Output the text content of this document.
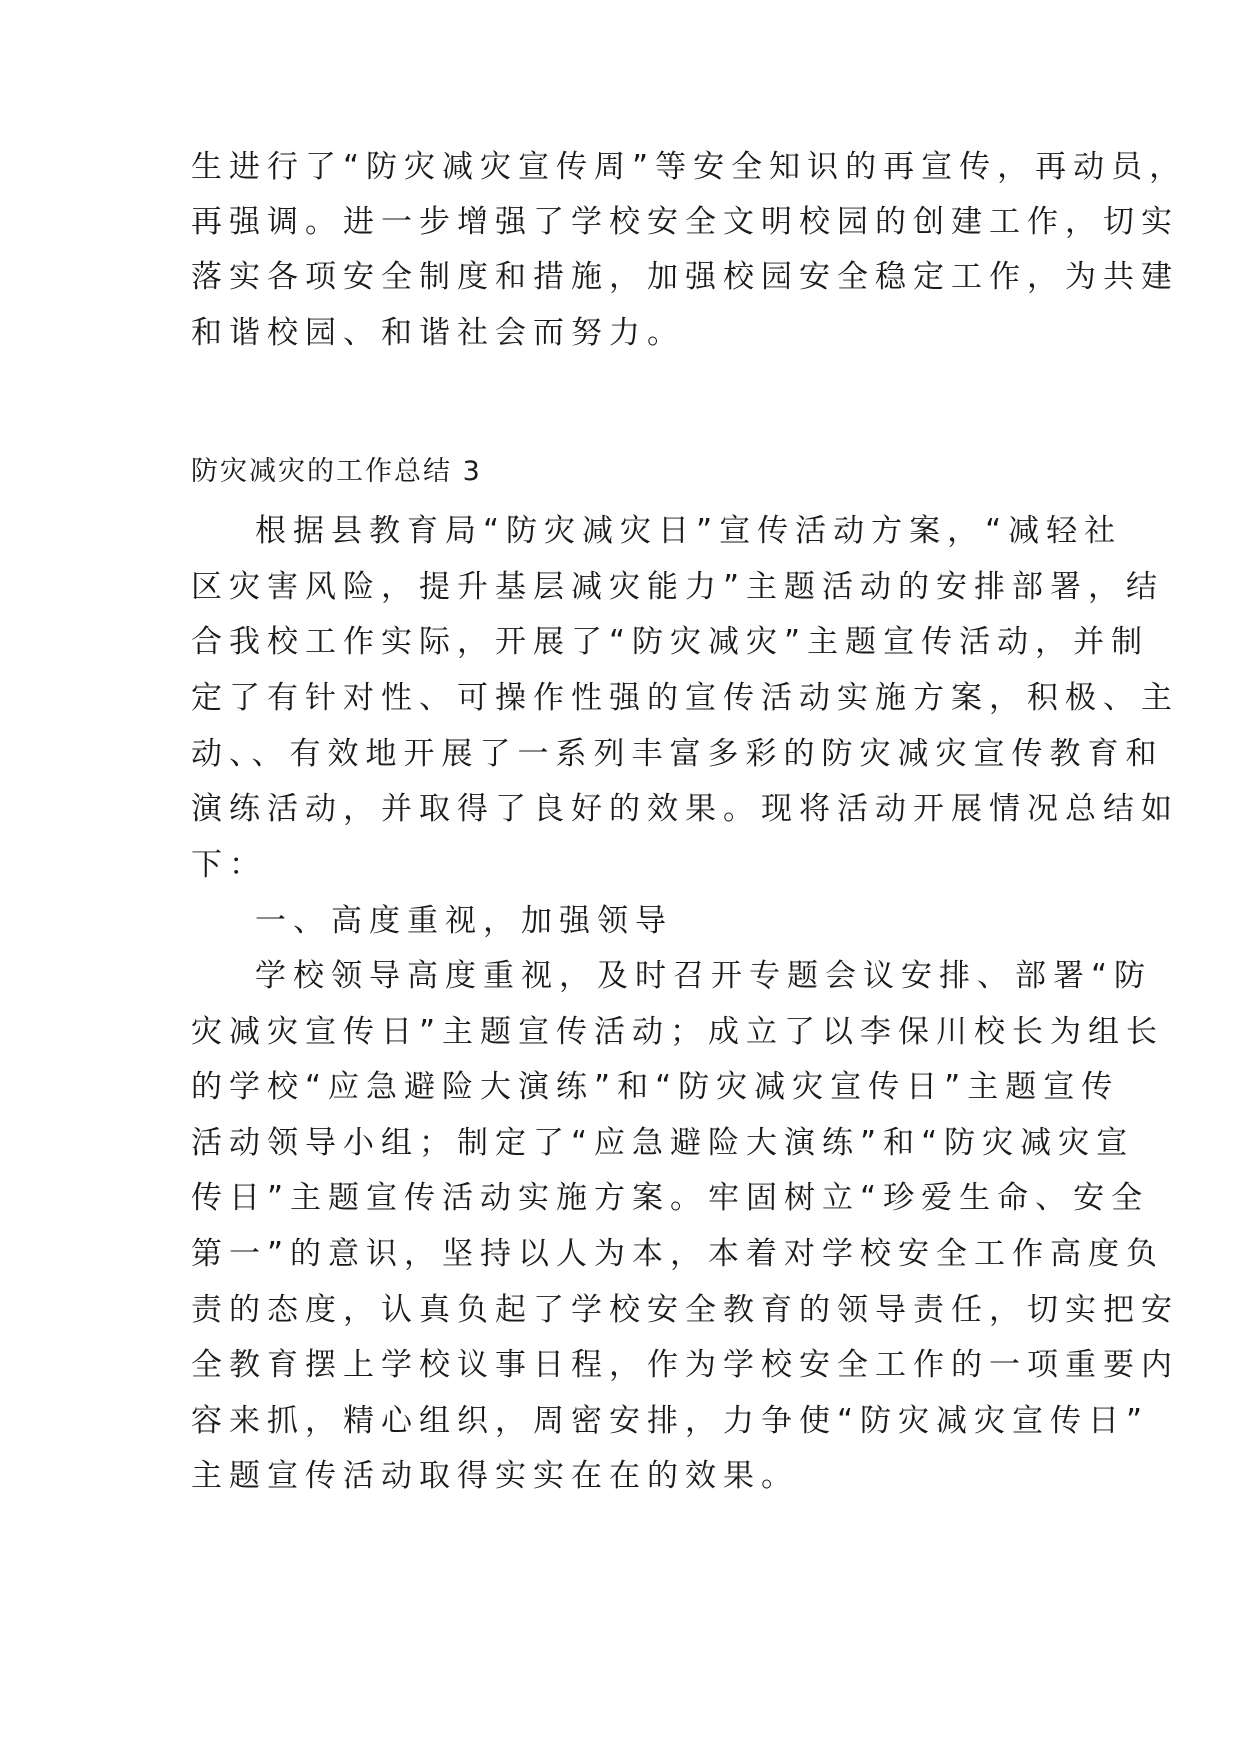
生进行了“防灾减灾宣传周”等安全知识的再宣传，再动员，
再强调。进一步增强了学校安全文明校园的创建工作，切实
落实各项安全制度和措施，加强校园安全稳定工作，为共建
和谐校园、和谐社会而努力。
防灾减灾的工作总结 3
根据县教育局“防灾减灾日”宣传活动方案，“减轻社
区灾害风险，提升基层减灾能力”主题活动的安排部署，结
合我校工作实际，开展了“防灾减灾”主题宣传活动，并制
定了有针对性、可操作性强的宣传活动实施方案，积极、主
动、、有效地开展了一系列丰富多彩的防灾减灾宣传教育和
演练活动，并取得了良好的效果。现将活动开展情况总结如
下：
一、高度重视，加强领导
学校领导高度重视，及时召开专题会议安排、部署“防
灾减灾宣传日”主题宣传活动；成立了以李保川校长为组长
的学校“应急避险大演练”和“防灾减灾宣传日”主题宣传
活动领导小组；制定了“应急避险大演练”和“防灾减灾宣
传日”主题宣传活动实施方案。牢固树立“珍爱生命、安全
第一”的意识，坚持以人为本，本着对学校安全工作高度负
责的态度，认真负起了学校安全教育的领导责任，切实把安
全教育摆上学校议事日程，作为学校安全工作的一项重要内
容来抓，精心组织，周密安排，力争使“防灾减灾宣传日”
主题宣传活动取得实实在在的效果。
